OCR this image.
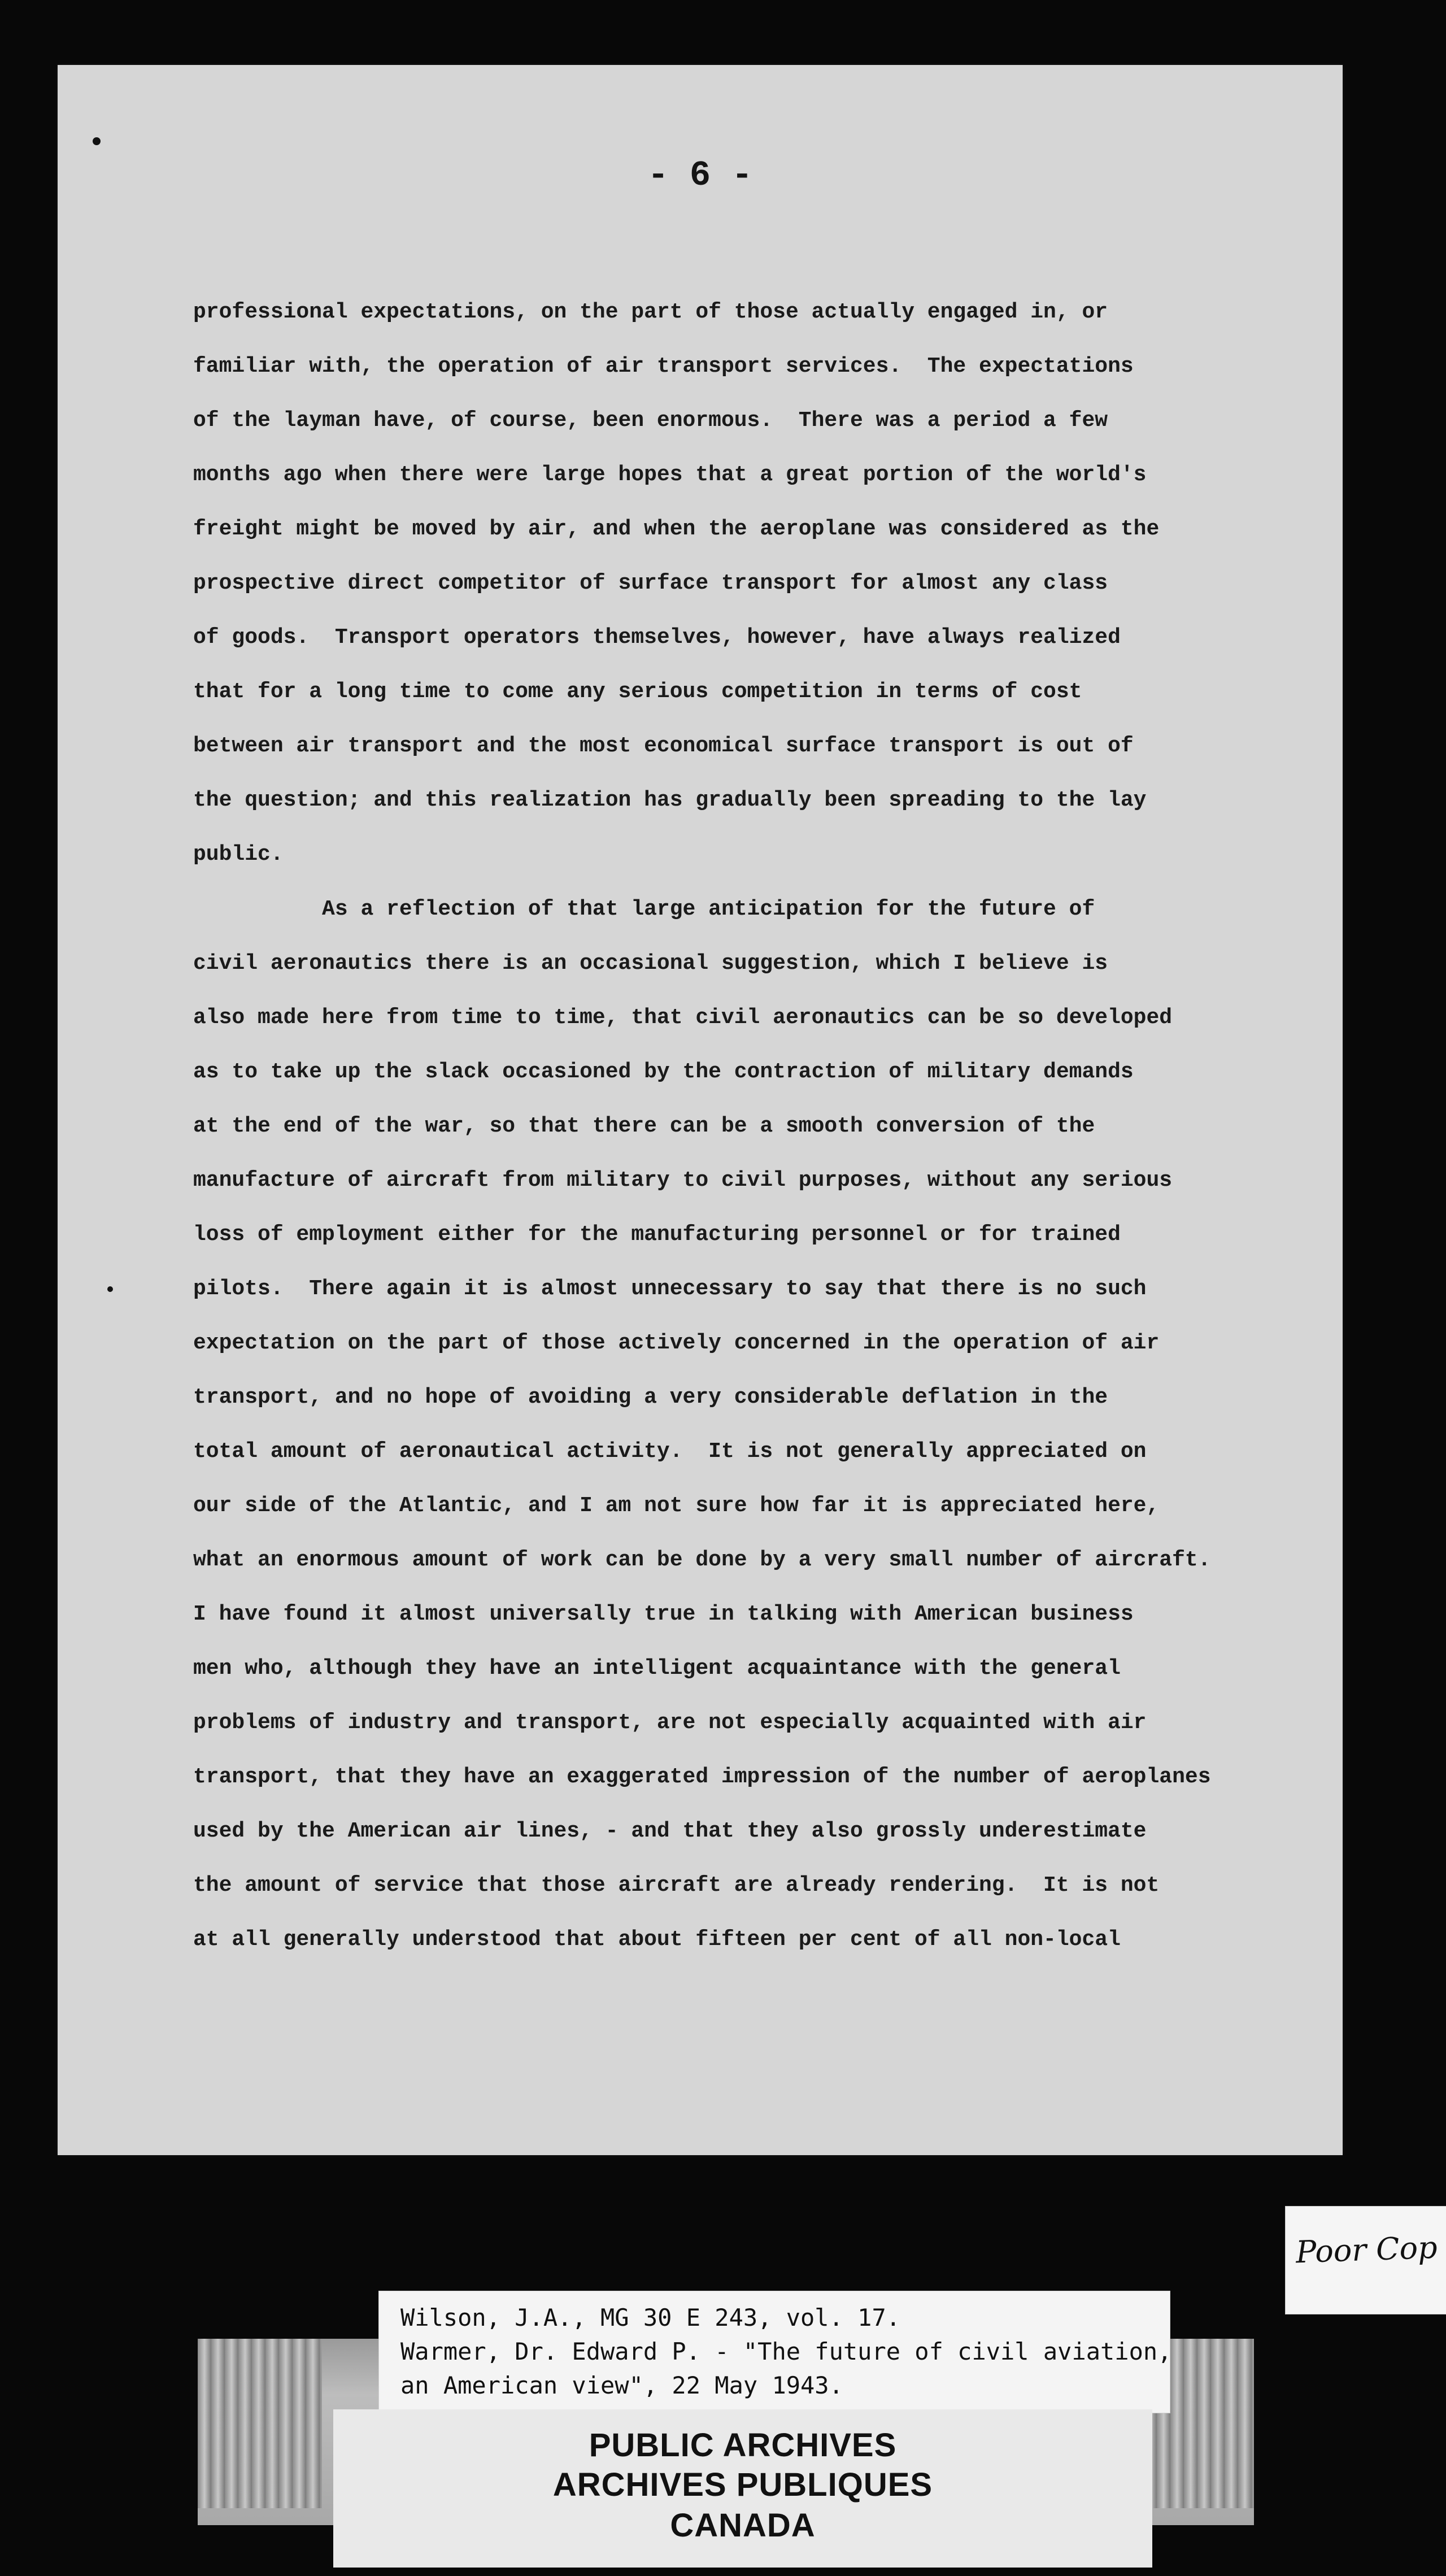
- 6 -
professional expectations, on the part of those actually engaged in, or
familiar with, the operation of air transport services.  The expectations
of the layman have, of course, been enormous.  There was a period a few
months ago when there were large hopes that a great portion of the world's
freight might be moved by air, and when the aeroplane was considered as the
prospective direct competitor of surface transport for almost any class
of goods.  Transport operators themselves, however, have always realized
that for a long time to come any serious competition in terms of cost
between air transport and the most economical surface transport is out of
the question; and this realization has gradually been spreading to the lay
public.
As a reflection of that large anticipation for the future of
civil aeronautics there is an occasional suggestion, which I believe is
also made here from time to time, that civil aeronautics can be so developed
as to take up the slack occasioned by the contraction of military demands
at the end of the war, so that there can be a smooth conversion of the
manufacture of aircraft from military to civil purposes, without any serious
loss of employment either for the manufacturing personnel or for trained
pilots.  There again it is almost unnecessary to say that there is no such
expectation on the part of those actively concerned in the operation of air
transport, and no hope of avoiding a very considerable deflation in the
total amount of aeronautical activity.  It is not generally appreciated on
our side of the Atlantic, and I am not sure how far it is appreciated here,
what an enormous amount of work can be done by a very small number of aircraft.
I have found it almost universally true in talking with American business
men who, although they have an intelligent acquaintance with the general
problems of industry and transport, are not especially acquainted with air
transport, that they have an exaggerated impression of the number of aeroplanes
used by the American air lines, - and that they also grossly underestimate
the amount of service that those aircraft are already rendering.  It is not
at all generally understood that about fifteen per cent of all non-local
Wilson, J.A., MG 30 E 243, vol. 17.
Warmer, Dr. Edward P. - "The future of civil aviation,
an American view", 22 May 1943.
PUBLIC ARCHIVES
ARCHIVES PUBLIQUES
CANADA
Poor Cop
